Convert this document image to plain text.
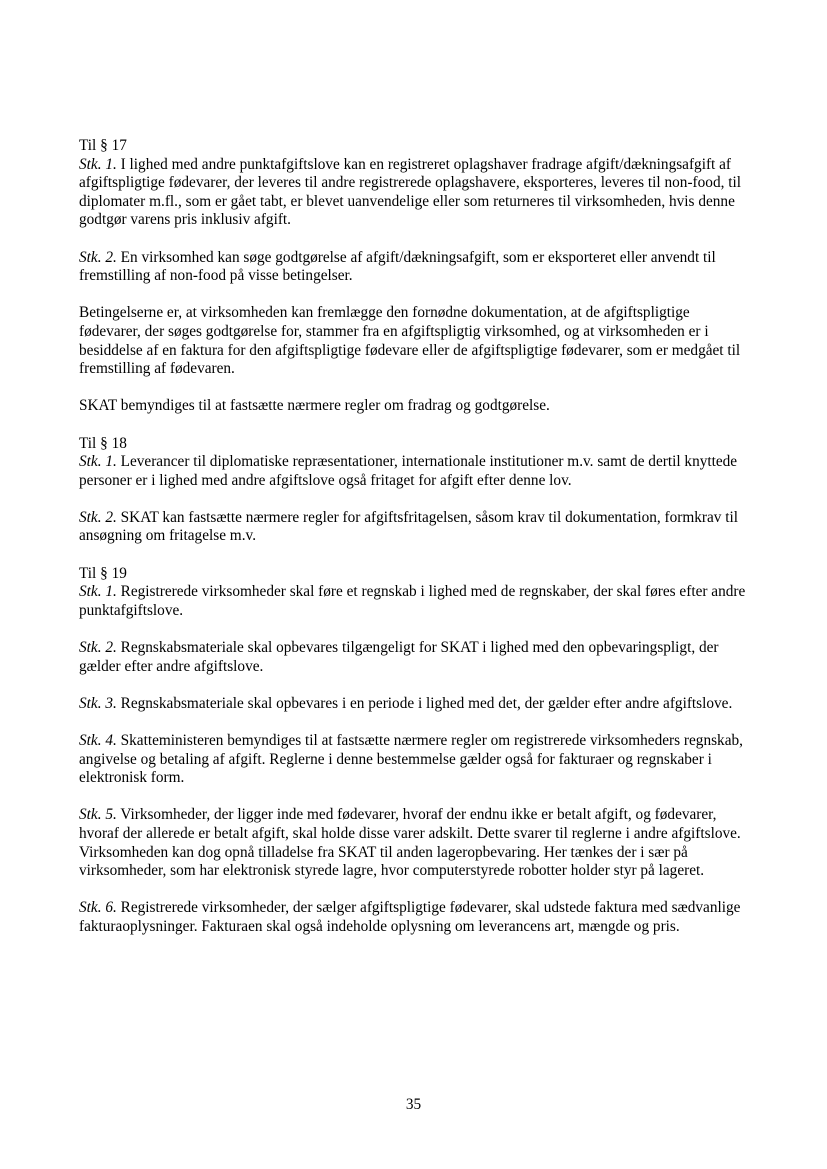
Til § 17

Stk. 1. I lighed med andre punktafgiftslove kan en registreret oplagshaver fradrage afgift/dækningsafgift af afgiftspligtige fødevarer, der leveres til andre registrerede oplagshavere, eksporteres, leveres til non-food, til diplomater m.fl., som er gået tabt, er blevet uanvendelige eller som returneres til virksomheden, hvis denne godtgør varens pris inklusiv afgift.

Stk. 2. En virksomhed kan søge godtgørelse af afgift/dækningsafgift, som er eksporteret eller anvendt til fremstilling af non-food på visse betingelser.

Betingelserne er, at virksomheden kan fremlægge den fornødne dokumentation, at de afgiftspligtige fødevarer, der søges godtgørelse for, stammer fra en afgiftspligtig virksomhed, og at virksomheden er i besiddelse af en faktura for den afgiftspligtige fødevare eller de afgiftspligtige fødevarer, som er medgået til fremstilling af fødevaren.

SKAT bemyndiges til at fastsætte nærmere regler om fradrag og godtgørelse.

Til § 18

Stk. 1. Leverancer til diplomatiske repræsentationer, internationale institutioner m.v. samt de dertil knyttede personer er i lighed med andre afgiftslove også fritaget for afgift efter denne lov.

Stk. 2. SKAT kan fastsætte nærmere regler for afgiftsfritagelsen, såsom krav til dokumentation, formkrav til ansøgning om fritagelse m.v.

Til § 19

Stk. 1. Registrerede virksomheder skal føre et regnskab i lighed med de regnskaber, der skal føres efter andre punktafgiftslove.

Stk. 2. Regnskabsmateriale skal opbevares tilgængeligt for SKAT i lighed med den opbevaringspligt, der gælder efter andre afgiftslove.

Stk. 3. Regnskabsmateriale skal opbevares i en periode i lighed med det, der gælder efter andre afgiftslove.

Stk. 4. Skatteministeren bemyndiges til at fastsætte nærmere regler om registrerede virksomheders regnskab, angivelse og betaling af afgift. Reglerne i denne bestemmelse gælder også for fakturaer og regnskaber i elektronisk form.

Stk. 5. Virksomheder, der ligger inde med fødevarer, hvoraf der endnu ikke er betalt afgift, og fødevarer, hvoraf der allerede er betalt afgift, skal holde disse varer adskilt. Dette svarer til reglerne i andre afgiftslove. Virksomheden kan dog opnå tilladelse fra SKAT til anden lageropbevaring. Her tænkes der i sær på virksomheder, som har elektronisk styrede lagre, hvor computerstyrede robotter holder styr på lageret.

Stk. 6. Registrerede virksomheder, der sælger afgiftspligtige fødevarer, skal udstede faktura med sædvanlige fakturaoplysninger. Fakturaen skal også indeholde oplysning om leverancens art, mængde og pris.

35
